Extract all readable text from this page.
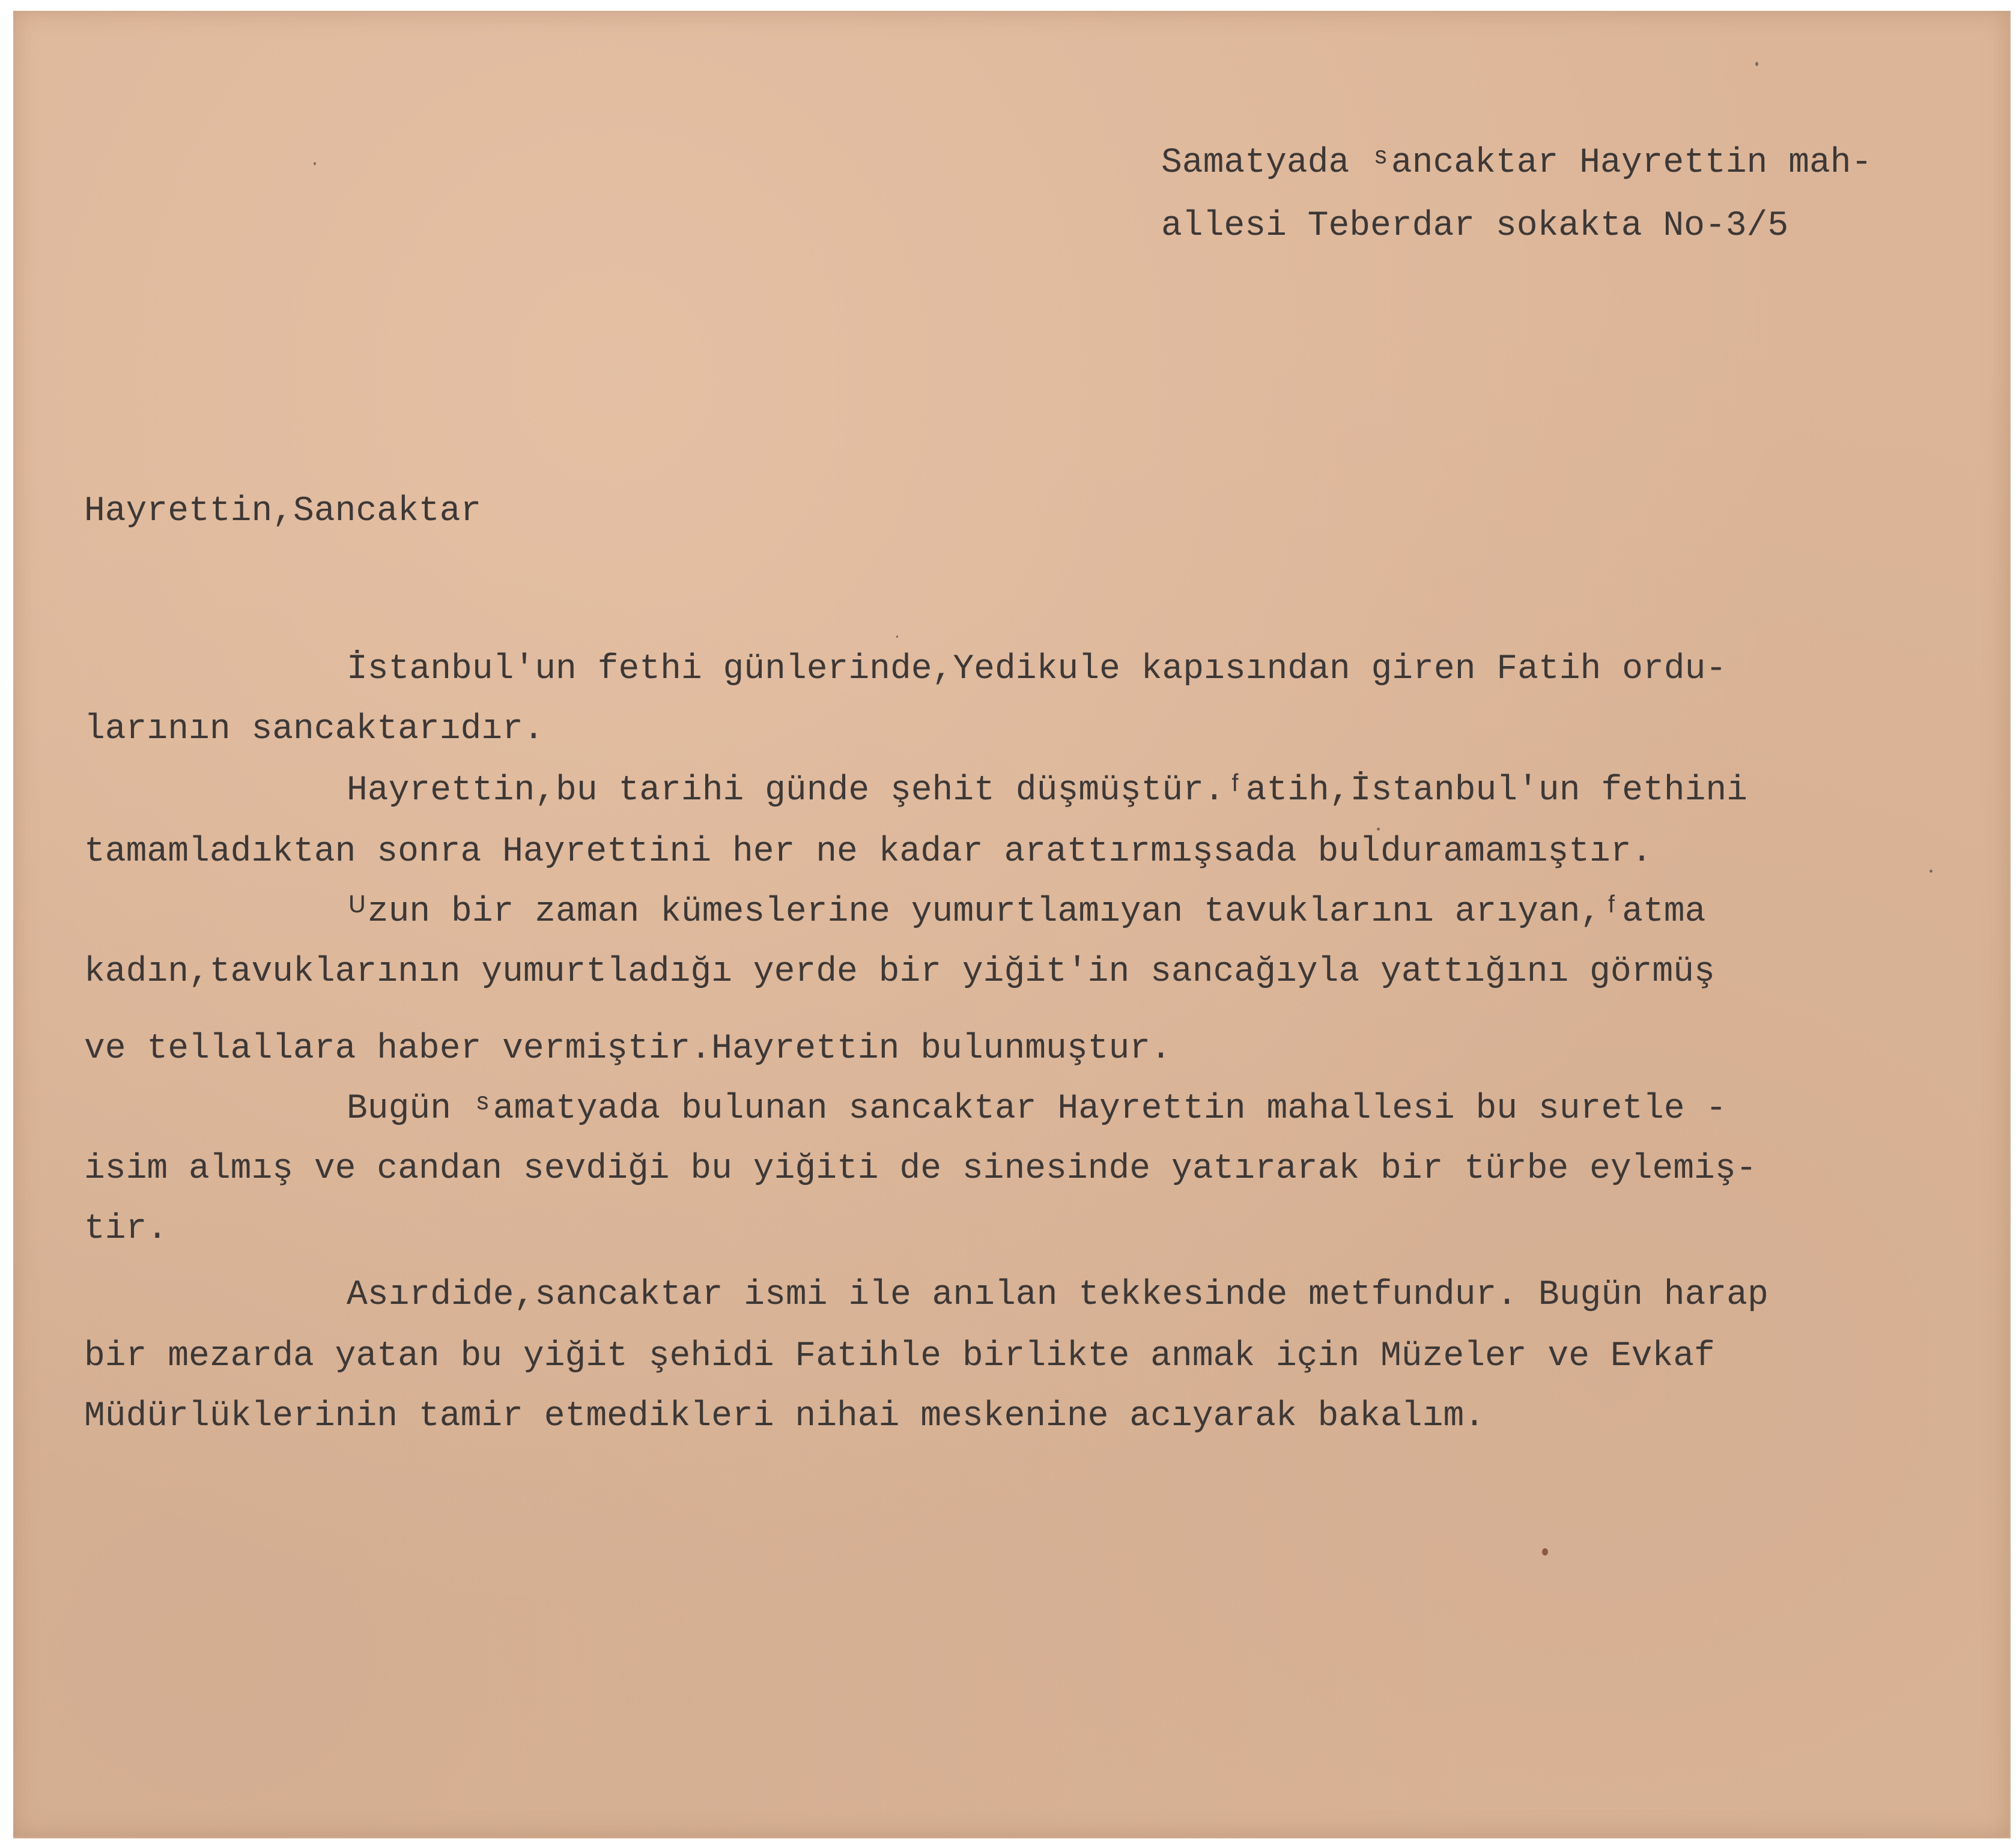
Samatyada ˢancaktar Hayrettin mah-
allesi Teberdar sokakta No-3/5
Hayrettin,Sancaktar
İstanbul'un fethi günlerinde,Yedikule kapısından giren Fatih ordu-
larının sancaktarıdır.
Hayrettin,bu tarihi günde şehit düşmüştür.ᶠatih,İstanbul'un fethini
tamamladıktan sonra Hayrettini her ne kadar arattırmışsada bulduramamıştır.
ᵁzun bir zaman kümeslerine yumurtlamıyan tavuklarını arıyan,ᶠatma
kadın,tavuklarının yumurtladığı yerde bir yiğit'in sancağıyla yattığını görmüş
ve tellallara haber vermiştir.Hayrettin bulunmuştur.
Bugün ˢamatyada bulunan sancaktar Hayrettin mahallesi bu suretle -
isim almış ve candan sevdiği bu yiğiti de sinesinde yatırarak bir türbe eylemiş-
tir.
Asırdide,sancaktar ismi ile anılan tekkesinde metfundur. Bugün harap
bir mezarda yatan bu yiğit şehidi Fatihle birlikte anmak için Müzeler ve Evkaf
Müdürlüklerinin tamir etmedikleri nihai meskenine acıyarak bakalım.
